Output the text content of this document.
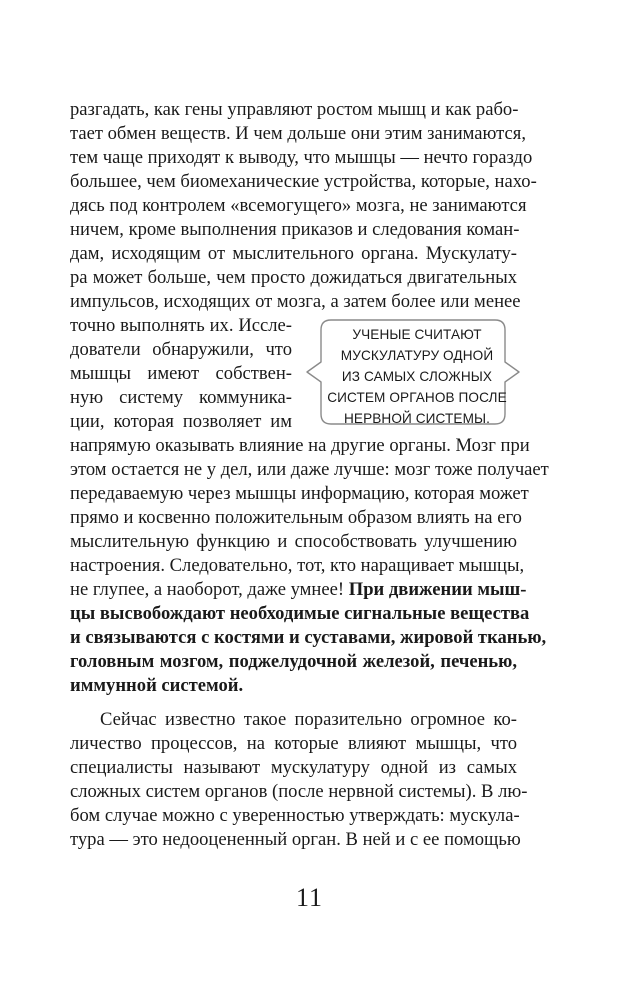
разгадать, как гены управляют ростом мышц и как рабо-
тает обмен веществ. И чем дольше они этим занимаются,
тем чаще приходят к выводу, что мышцы — нечто гораздо
большее, чем биомеханические устройства, которые, нахо-
дясь под контролем «всемогущего» мозга, не занимаются
ничем, кроме выполнения приказов и следования коман-
дам, исходящим от мыслительного органа. Мускулату-
ра может больше, чем просто дожидаться двигательных
импульсов, исходящих от мозга, а затем более или менее
точно выполнять их. Иссле-
дователи обнаружили, что
мышцы имеют собствен-
ную систему коммуника-
ции, которая позволяет им
напрямую оказывать влияние на другие органы. Мозг при
этом остается не у дел, или даже лучше: мозг тоже получает
передаваемую через мышцы информацию, которая может
прямо и косвенно положительным образом влиять на его
мыслительную функцию и способствовать улучшению
настроения. Следовательно, тот, кто наращивает мышцы,
не глупее, а наоборот, даже умнее! При движении мыш-
цы высвобождают необходимые сигнальные вещества
и связываются с костями и суставами, жировой тканью,
головным мозгом, поджелудочной железой, печенью,
иммунной системой.
Сейчас известно такое поразительно огромное ко-
личество процессов, на которые влияют мышцы, что
специалисты называют мускулатуру одной из самых
сложных систем органов (после нервной системы). В лю-
бом случае можно с уверенностью утверждать: мускула-
тура — это недооцененный орган. В ней и с ее помощью
УЧЕНЫЕ СЧИТАЮТ
МУСКУЛАТУРУ ОДНОЙ
ИЗ САМЫХ СЛОЖНЫХ
СИСТЕМ ОРГАНОВ ПОСЛЕ
НЕРВНОЙ СИСТЕМЫ.
11
